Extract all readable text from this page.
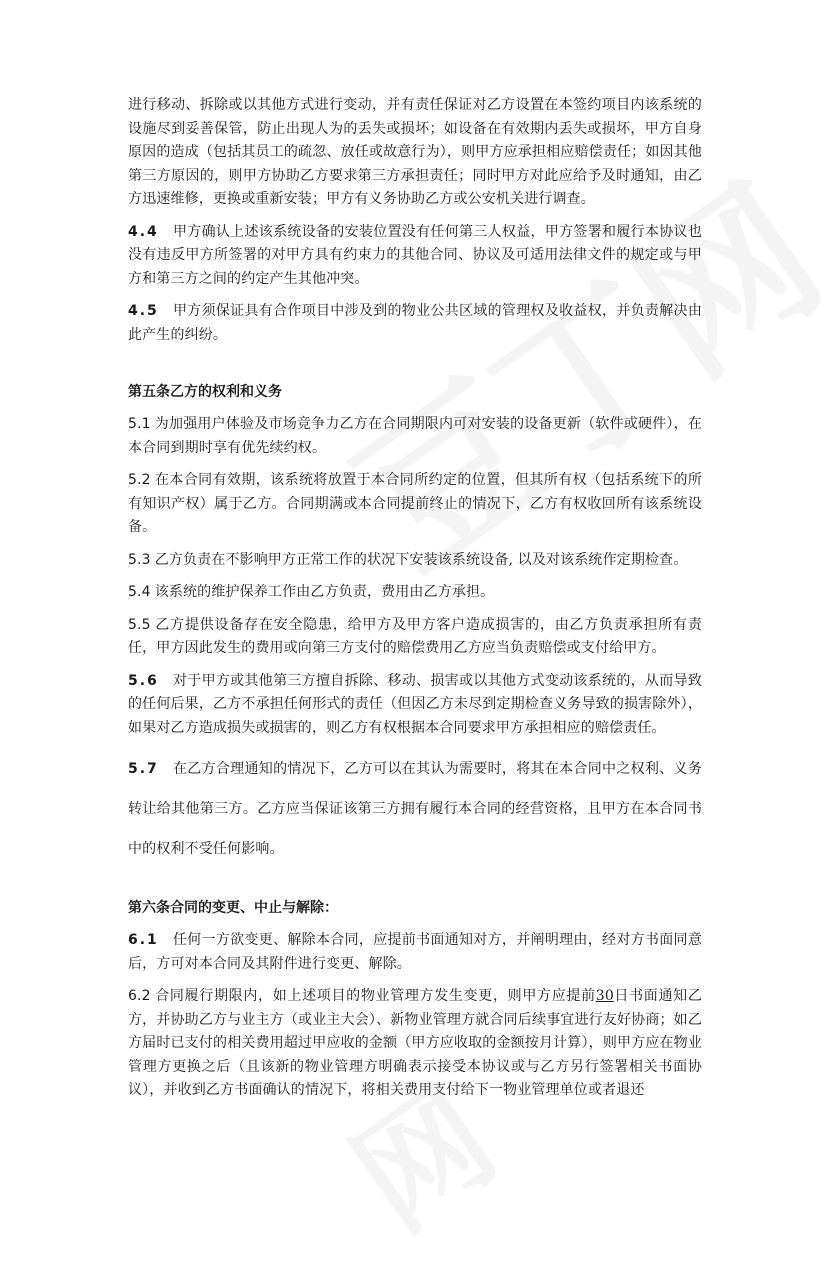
进行移动、拆除或以其他方式进行变动，并有责任保证对乙方设置在本签约项目内该系统的设施尽到妥善保管，防止出现人为的丢失或损坏；如设备在有效期内丢失或损坏，甲方自身原因的造成（包括其员工的疏忽、放任或故意行为），则甲方应承担相应赔偿责任；如因其他第三方原因的，则甲方协助乙方要求第三方承担责任；同时甲方对此应给予及时通知，由乙方迅速维修，更换或重新安装；甲方有义务协助乙方或公安机关进行调查。

4.4 甲方确认上述该系统设备的安装位置没有任何第三人权益，甲方签署和履行本协议也没有违反甲方所签署的对甲方具有约束力的其他合同、协议及可适用法律文件的规定或与甲方和第三方之间的约定产生其他冲突。

4.5 甲方须保证具有合作项目中涉及到的物业公共区域的管理权及收益权，并负责解决由此产生的纠纷。

第五条乙方的权利和义务

5.1 为加强用户体验及市场竞争力乙方在合同期限内可对安装的设备更新（软件或硬件），在本合同到期时享有优先续约权。

5.2 在本合同有效期，该系统将放置于本合同所约定的位置，但其所有权（包括系统下的所有知识产权）属于乙方。合同期满或本合同提前终止的情况下，乙方有权收回所有该系统设备。

5.3 乙方负责在不影响甲方正常工作的状况下安装该系统设备, 以及对该系统作定期检查。

5.4 该系统的维护保养工作由乙方负责，费用由乙方承担。

5.5 乙方提供设备存在安全隐患，给甲方及甲方客户造成损害的，由乙方负责承担所有责任，甲方因此发生的费用或向第三方支付的赔偿费用乙方应当负责赔偿或支付给甲方。

5.6 对于甲方或其他第三方擅自拆除、移动、损害或以其他方式变动该系统的，从而导致的任何后果，乙方不承担任何形式的责任（但因乙方未尽到定期检查义务导致的损害除外），如果对乙方造成损失或损害的，则乙方有权根据本合同要求甲方承担相应的赔偿责任。

5.7 在乙方合理通知的情况下，乙方可以在其认为需要时，将其在本合同中之权利、义务转让给其他第三方。乙方应当保证该第三方拥有履行本合同的经营资格，且甲方在本合同书中的权利不受任何影响。

第六条合同的变更、中止与解除：

6.1 任何一方欲变更、解除本合同，应提前书面通知对方，并阐明理由，经对方书面同意后，方可对本合同及其附件进行变更、解除。

6.2 合同履行期限内，如上述项目的物业管理方发生变更，则甲方应提前30日书面通知乙方，并协助乙方与业主方（或业主大会）、新物业管理方就合同后续事宜进行友好协商；如乙方届时已支付的相关费用超过甲应收的金额（甲方应收取的金额按月计算），则甲方应在物业管理方更换之后（且该新的物业管理方明确表示接受本协议或与乙方另行签署相关书面协议），并收到乙方书面确认的情况下，将相关费用支付给下一物业管理单位或者退还
